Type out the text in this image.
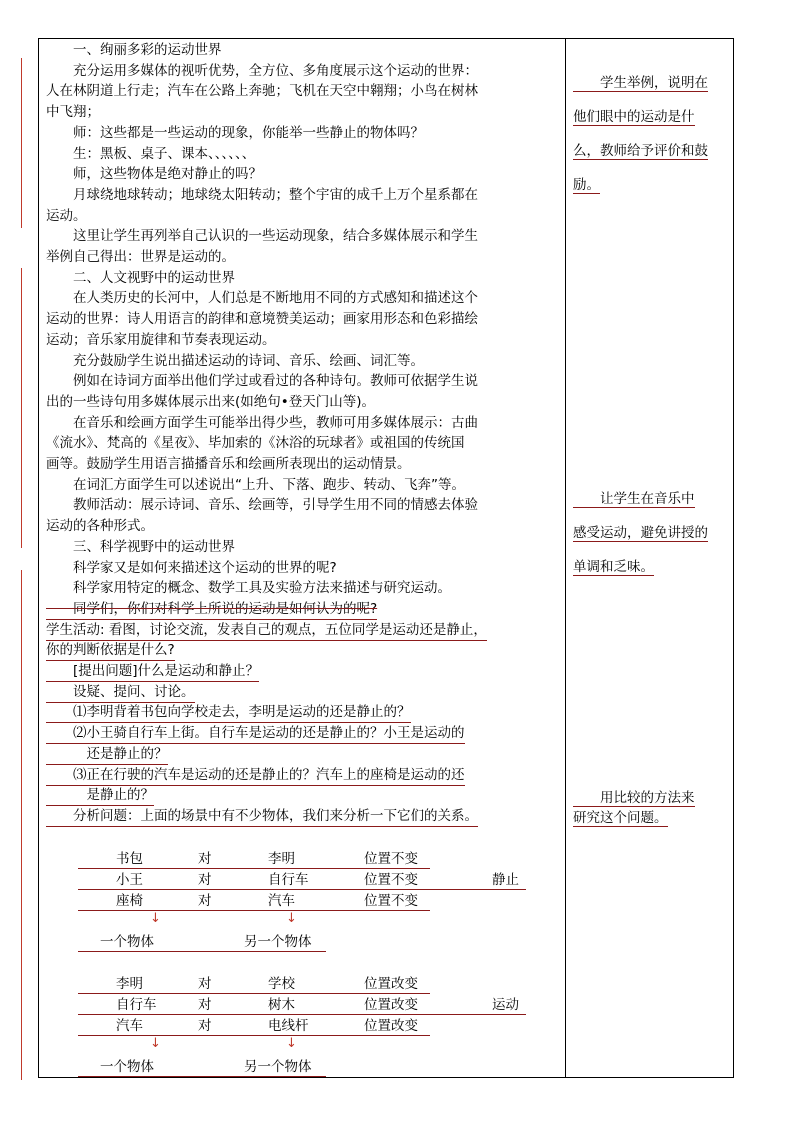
　　一、绚丽多彩的运动世界
　　充分运用多媒体的视听优势，全方位、多角度展示这个运动的世界：
人在林阴道上行走；汽车在公路上奔驰；飞机在天空中翱翔；小鸟在树林
中飞翔；
　　师：这些都是一些运动的现象，你能举一些静止的物体吗？
　　生：黑板、桌子、课本、、、、、、
　　师，这些物体是绝对静止的吗？
　　月球绕地球转动；地球绕太阳转动；整个宇宙的成千上万个星系都在
运动。
　　这里让学生再列举自己认识的一些运动现象，结合多媒体展示和学生
举例自己得出：世界是运动的。
　　二、人文视野中的运动世界
　　在人类历史的长河中，人们总是不断地用不同的方式感知和描述这个
运动的世界：诗人用语言的韵律和意境赞美运动；画家用形态和色彩描绘
运动；音乐家用旋律和节奏表现运动。
　　充分鼓励学生说出描述运动的诗词、音乐、绘画、词汇等。
　　例如在诗词方面举出他们学过或看过的各种诗句。教师可依据学生说
出的一些诗句用多媒体展示出来(如绝句•登天门山等)。
　　在音乐和绘画方面学生可能举出得少些，教师可用多媒体展示：古曲
《流水》、梵高的《星夜》、毕加索的《沐浴的玩球者》或祖国的传统国
画等。鼓励学生用语言描播音乐和绘画所表现出的运动情景。
　　在词汇方面学生可以述说出“上升、下落、跑步、转动、飞奔”等。
　　教师活动：展示诗词、音乐、绘画等，引导学生用不同的情感去体验
运动的各种形式。
　　三、科学视野中的运动世界
　　科学家又是如何来描述这个运动的世界的呢?
　　科学家用特定的概念、数学工具及实验方法来描述与研究运动。
　　同学们，你们对科学上所说的运动是如何认为的呢?
学生活动: 看图，讨论交流，发表自己的观点，五位同学是运动还是静止，
你的判断依据是什么?
　　[提出问题]什么是运动和静止？
　　设疑、提问、讨论。
　　⑴李明背着书包向学校走去，李明是运动的还是静止的？
　　⑵小王骑自行车上街。自行车是运动的还是静止的？小王是运动的
　　　还是静止的？
　　⑶正在行驶的汽车是运动的还是静止的？汽车上的座椅是运动的还
　　　是静止的？
　　分析问题：上面的场景中有不少物体，我们来分析一下它们的关系。
　　学生举例，说明在
他们眼中的运动是什
么，教师给予评价和鼓
励。
　　让学生在音乐中
感受运动，避免讲授的
单调和乏味。
　　用比较的方法来
研究这个问题。
书包	对	李明	位置不变
小王	对	自行车	位置不变	静止
座椅	对	汽车	位置不变
↓	↓
一个物体	另一个物体
李明	对	学校	位置改变
自行车	对	树木	位置改变	运动
汽车	对	电线杆	位置改变
↓	↓
一个物体	另一个物体
